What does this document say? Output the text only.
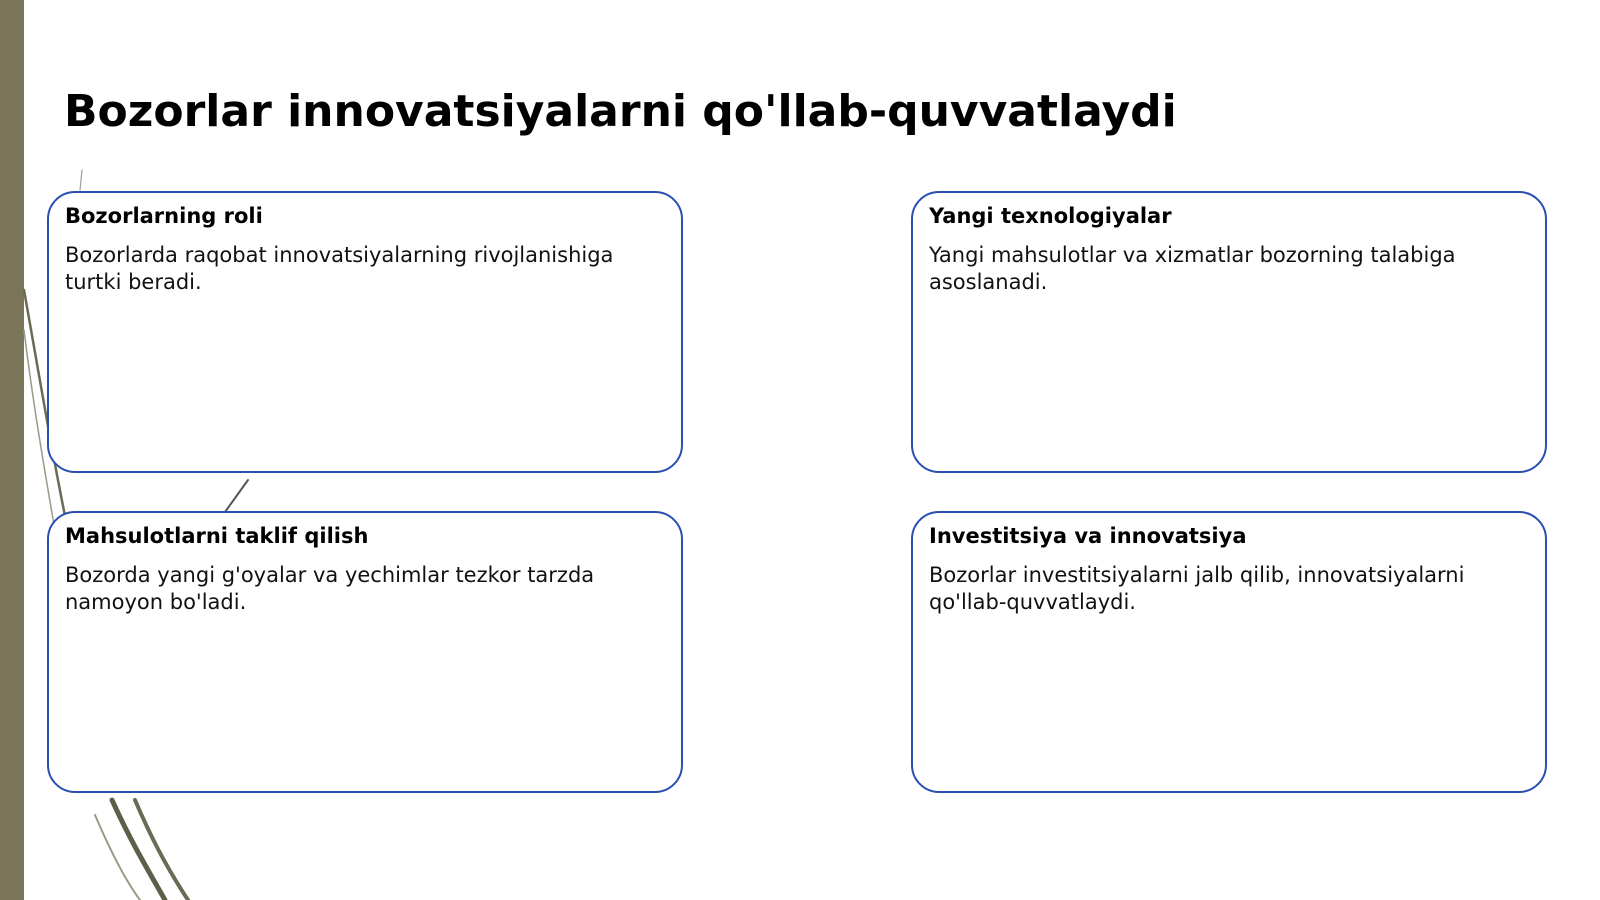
Bozorlar innovatsiyalarni qo'llab-quvvatlaydi
Bozorlarning roli

Bozorlarda raqobat innovatsiyalarning rivojlanishiga turtki beradi.

Yangi texnologiyalar

Yangi mahsulotlar va xizmatlar bozorning talabiga asoslanadi.

Mahsulotlarni taklif qilish

Bozorda yangi g'oyalar va yechimlar tezkor tarzda namoyon bo'ladi.

Investitsiya va innovatsiya

Bozorlar investitsiyalarni jalb qilib, innovatsiyalarni qo'llab-quvvatlaydi.
